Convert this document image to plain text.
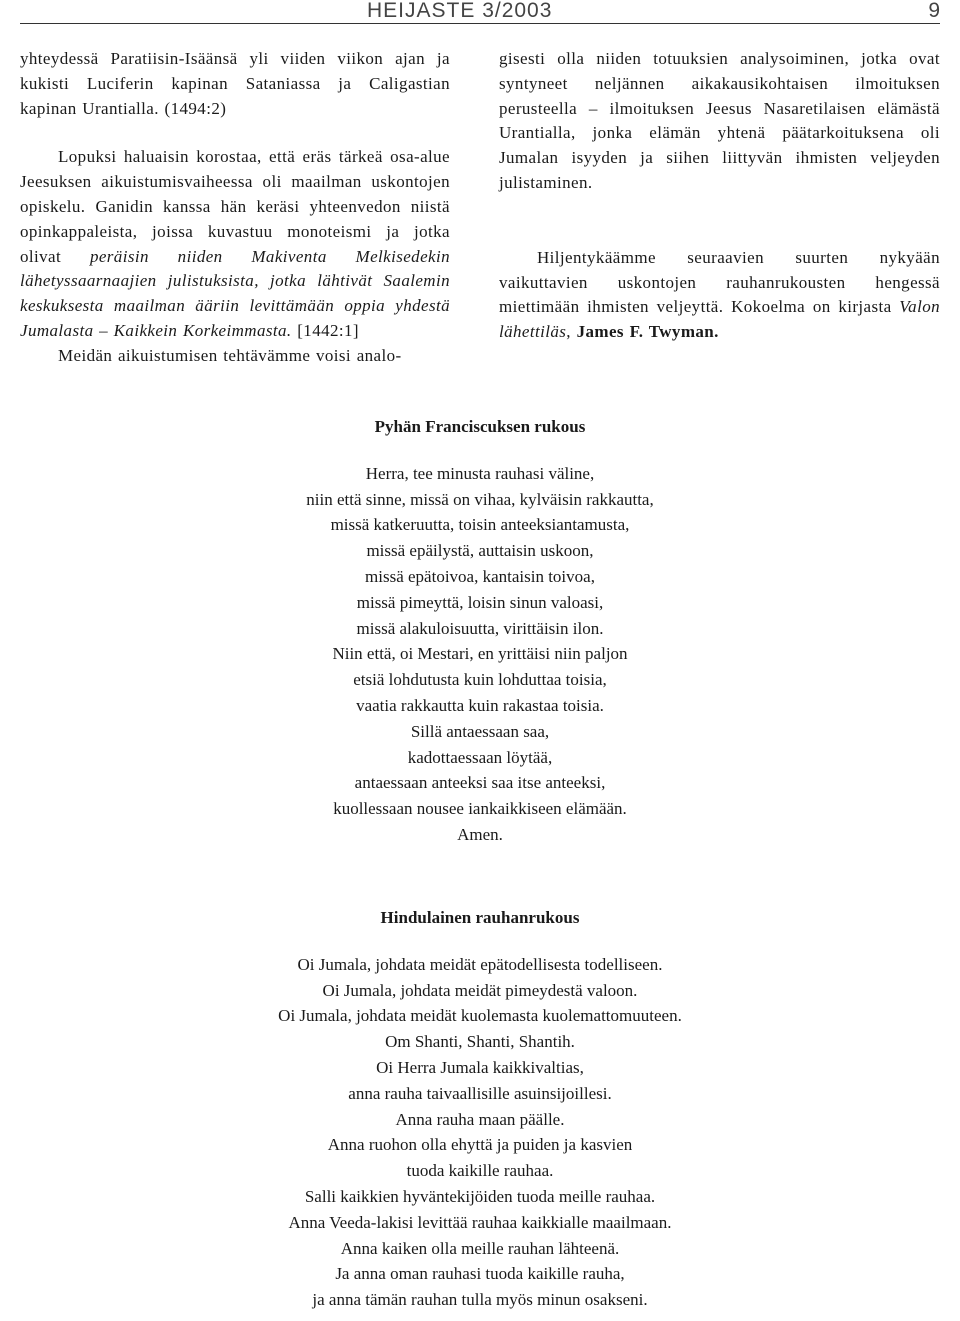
HEIJASTE 3/2003	9

yhteydessä Paratiisin-Isäänsä yli viiden viikon ajan ja kukisti Luciferin kapinan Sataniassa ja Caligastian kapinan Urantialla. (1494:2)

Lopuksi haluaisin korostaa, että eräs tärkeä osa-alue Jeesuksen aikuistumisvaiheessa oli maailman uskontojen opiskelu. Ganidin kanssa hän keräsi yhteenvedon niistä opinkappaleista, joissa kuvastuu monoteismi ja jotka olivat peräisin niiden Makiventa Melkisedekin lähetyssaarnaajien julistuksista, jotka lähtivät Saalemin keskuksesta maailman ääriin levittämään oppia yhdestä Jumalasta – Kaikkein Korkeimmasta. [1442:1]

Meidän aikuistumisen tehtävämme voisi analo-

gisesti olla niiden totuuksien analysoiminen, jotka ovat syntyneet neljännen aikakausikohtaisen ilmoituksen perusteella – ilmoituksen Jeesus Nasaretilaisen elämästä Urantialla, jonka elämän yhtenä päätarkoituksena oli Jumalan isyyden ja siihen liittyvän ihmisten veljeyden julistaminen.

Hiljentykäämme seuraavien suurten nykyään vaikuttavien uskontojen rauhanrukousten hengessä miettimään ihmisten veljeyttä. Kokoelma on kirjasta Valon lähettiläs, James F. Twyman.

Pyhän Franciscuksen rukous

Herra, tee minusta rauhasi väline,
niin että sinne, missä on vihaa, kylväisin rakkautta,
missä katkeruutta, toisin anteeksiantamusta,
missä epäilystä, auttaisin uskoon,
missä epätoivoa, kantaisin toivoa,
missä pimeyttä, loisin sinun valoasi,
missä alakuloisuutta, virittäisin ilon.
Niin että, oi Mestari, en yrittäisi niin paljon
etsiä lohdutusta kuin lohduttaa toisia,
vaatia rakkautta kuin rakastaa toisia.
Sillä antaessaan saa,
kadottaessaan löytää,
antaessaan anteeksi saa itse anteeksi,
kuollessaan nousee iankaikkiseen elämään.
Amen.

Hindulainen rauhanrukous

Oi Jumala, johdata meidät epätodellisesta todelliseen.
Oi Jumala, johdata meidät pimeydestä valoon.
Oi Jumala, johdata meidät kuolemasta kuolemattomuuteen.
Om Shanti, Shanti, Shantih.
Oi Herra Jumala kaikkivaltias,
anna rauha taivaallisille asuinsijoillesi.
Anna rauha maan päälle.
Anna ruohon olla ehyttä ja puiden ja kasvien
tuoda kaikille rauhaa.
Salli kaikkien hyväntekijöiden tuoda meille rauhaa.
Anna Veeda-lakisi levittää rauhaa kaikkialle maailmaan.
Anna kaiken olla meille rauhan lähteenä.
Ja anna oman rauhasi tuoda kaikille rauha,
ja anna tämän rauhan tulla myös minun osakseni.
